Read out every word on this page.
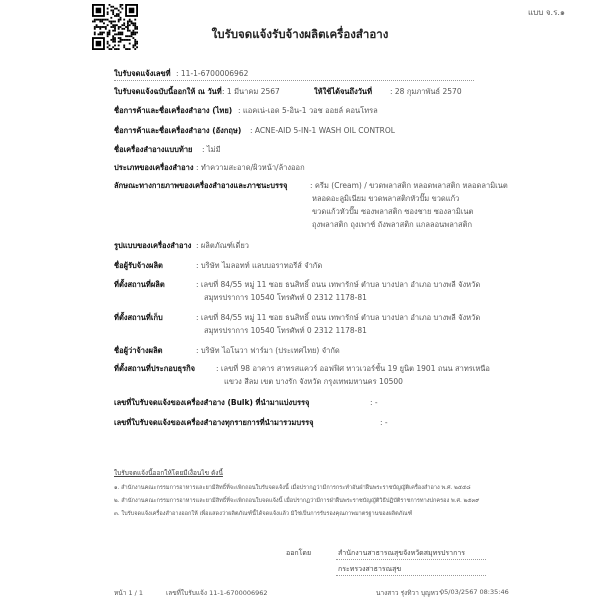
แบบ จ.ร.๑
ใบรับจดแจ้งรับจ้างผลิตเครื่องสำอาง
ใบรับจดแจ้งเลขที่ : 11-1-6700006962
ใบรับจดแจ้งฉบับนี้ออกให้ ณ วันที่ : 1 มีนาคม 2567	ให้ใช้ได้จนถึงวันที่ : 28 กุมภาพันธ์ 2570
ชื่อการค้าและชื่อเครื่องสำอาง (ไทย) : แอคเน่-เอด 5-อิน-1 วอช ออยล์ คอนโทรล
ชื่อการค้าและชื่อเครื่องสำอาง (อังกฤษ) : ACNE-AID 5-IN-1 WASH OIL CONTROL
ชื่อเครื่องสำอางแบบท้าย : ไม่มี
ประเภทของเครื่องสำอาง : ทำความสะอาด/ผิวหน้า/ล้างออก
ลักษณะทางกายภาพของเครื่องสำอางและภาชนะบรรจุ	: ครีม (Cream) / ขวดพลาสติก หลอดพลาสติก หลอดลามิเนต
หลอดอะลูมิเนียม ขวดพลาสติกหัวปั๊ม ขวดแก้ว
ขวดแก้วหัวปั๊ม ซองพลาสติก ซองชาย ซองลามิเนต
ถุงพลาสติก ถุงเพาช์ ถังพลาสติก แกลลอนพลาสติก
รูปแบบของเครื่องสำอาง : ผลิตภัณฑ์เดี่ยว
ชื่อผู้รับจ้างผลิต	: บริษัท ไมลอทท์ แลบบอราทอรีส์ จำกัด
ที่ตั้งสถานที่ผลิต	: เลขที่ 84/55 หมู่ 11 ซอย ธนสิทธิ์ ถนน เทพารักษ์ ตำบล บางปลา อำเภอ บางพลี จังหวัด
สมุทรปราการ 10540 โทรศัพท์ 0 2312 1178-81
ที่ตั้งสถานที่เก็บ	: เลขที่ 84/55 หมู่ 11 ซอย ธนสิทธิ์ ถนน เทพารักษ์ ตำบล บางปลา อำเภอ บางพลี จังหวัด
สมุทรปราการ 10540 โทรศัพท์ 0 2312 1178-81
ชื่อผู้ว่าจ้างผลิต	: บริษัท ไอโนวา ฟาร์มา (ประเทศไทย) จำกัด
ที่ตั้งสถานที่ประกอบธุรกิจ	: เลขที่ 98 อาคาร สาทรสแควร์ ออฟฟิศ ทาวเวอร์ชั้น 19 ยูนิต 1901 ถนน สาทรเหนือ
แขวง สีลม เขต บางรัก จังหวัด กรุงเทพมหานคร 10500
เลขที่ใบรับจดแจ้งของเครื่องสำอาง (Bulk) ที่นำมาแบ่งบรรจุ	: -
เลขที่ใบรับจดแจ้งของเครื่องสำอางทุกรายการที่นำมารวมบรรจุ	: -
ใบรับจดแจ้งนี้ออกให้โดยมีเงื่อนไข ดังนี้
๑. สำนักงานคณะกรรมการอาหารและยามีสิทธิ์ที่จะเพิกถอนใบรับจดแจ้งนี้ เมื่อปรากฏว่ามีการกระทำอันฝ่าฝืนพระราชบัญญัติเครื่องสำอาง พ.ศ. ๒๕๕๘
๒. สำนักงานคณะกรรมการอาหารและยามีสิทธิ์ที่จะเพิกถอนใบจดแจ้งนี้ เมื่อปรากฏว่ามีการฝ่าฝืนพระราชบัญญัติวิธีปฏิบัติราชการทางปกครอง พ.ศ. ๒๕๓๙
๓. ใบรับจดแจ้งเครื่องสำอางออกให้ เพื่อแสดงว่าผลิตภัณฑ์นี้ได้จดแจ้งแล้ว มิใช่เป็นการรับรองคุณภาพมาตรฐานของผลิตภัณฑ์
ออกโดย	สำนักงานสาธารณสุขจังหวัดสมุทรปราการ
กระทรวงสาธารณสุข
หน้า 1 / 1	เลขที่ใบรับแจ้ง 11-1-6700006962	นางสาว รุ่งทิวา บุญหวา
05/03/2567 08:35:46
